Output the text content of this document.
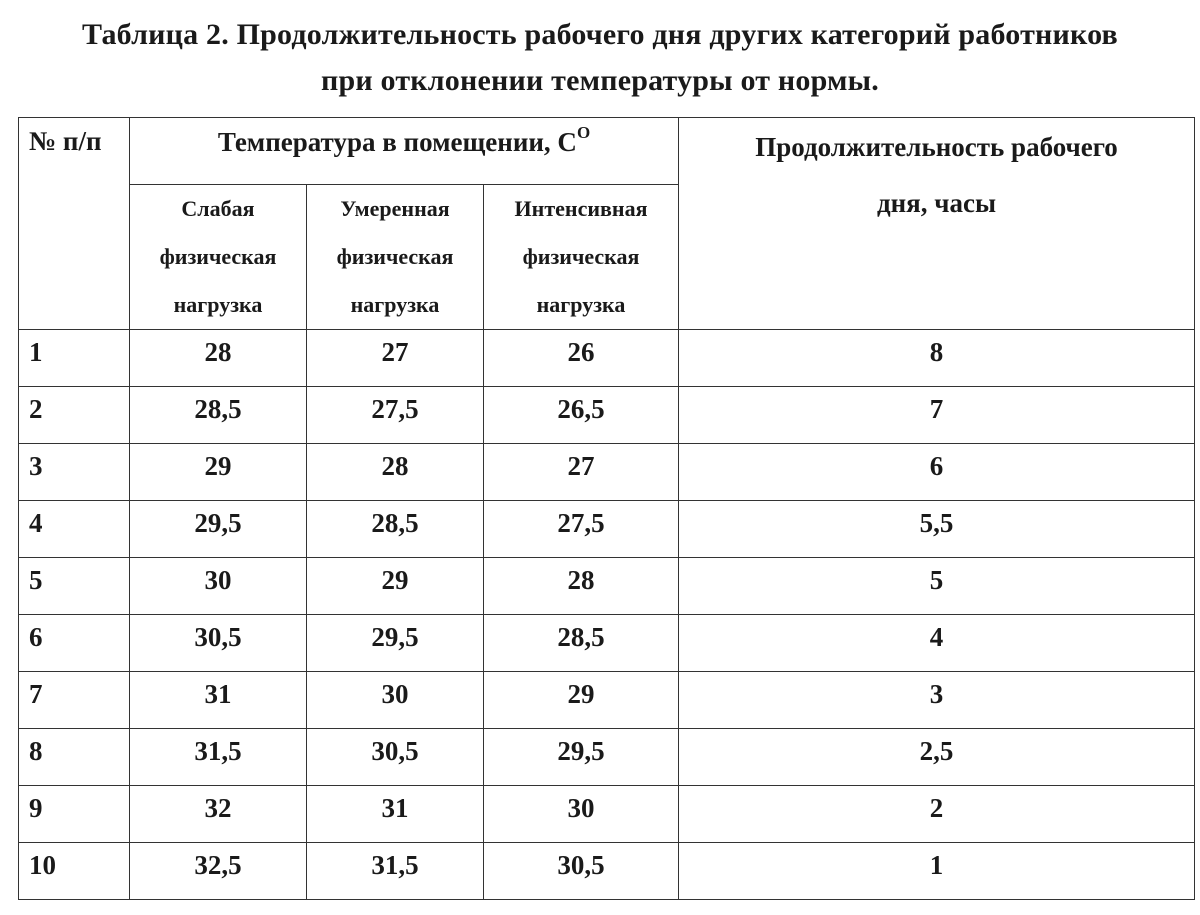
Таблица 2. Продолжительность рабочего дня других категорий работников
при отклонении температуры от нормы.
№ п/п	Температура в помещении, $С^О$			Продолжительность рабочего
дня, часы

	Слабая
физическая
нагрузка	Умеренная
физическая
нагрузка	Интенсивная
физическая
нагрузка	

1	28	27	26	8
2	28,5	27,5	26,5	7
3	29	28	27	6
4	29,5	28,5	27,5	5,5
5	30	29	28	5
6	30,5	29,5	28,5	4
7	31	30	29	3
8	31,5	30,5	29,5	2,5
9	32	31	30	2
10	32,5	31,5	30,5	1
